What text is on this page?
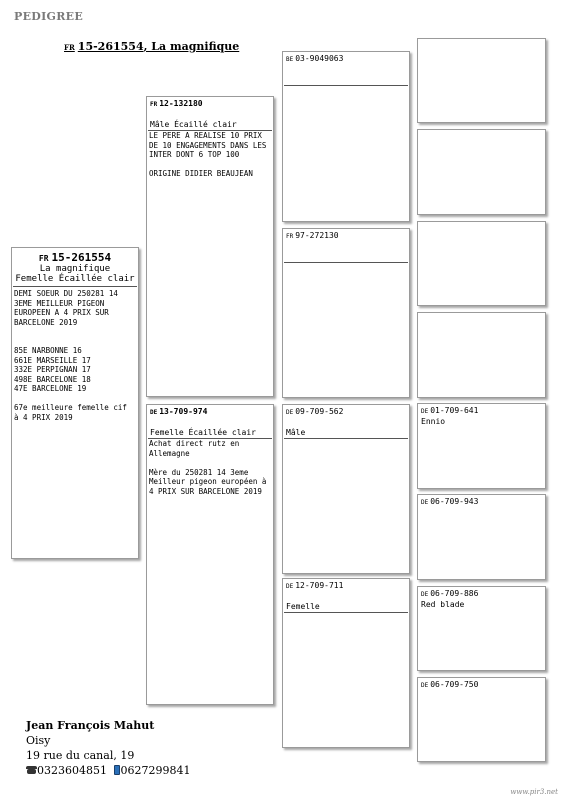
PEDIGREE
FR 15-261554, La magnifique
FR 15-261554
La magnifique
Femelle Écaillée clair
DEMI SOEUR DU 250281 14
3EME MEILLEUR PIGEON
EUROPEEN A 4 PRIX SUR
BARCELONE 2019

85E NARBONNE 16
661E MARSEILLE 17
332E PERPIGNAN 17
498E BARCELONE 18
47E BARCELONE 19

67e meilleure femelle cif
à 4 PRIX 2019
FR 12-132180
Mâle Écaillé clair
LE PERE A REALISE 10 PRIX
DE 10 ENGAGEMENTS DANS LES
INTER DONT 6 TOP 100

ORIGINE DIDIER BEAUJEAN
DE 13-709-974
Femelle Écaillée clair
Achat direct rutz en
Allemagne

Mère du 250281 14 3eme
Meilleur pigeon européen à
4 PRIX SUR BARCELONE 2019
BE 03-9049063
FR 97-272130
DE 09-709-562
Mâle
DE 12-709-711
Femelle
DE 01-709-641
Ennio
DE 06-709-943
DE 06-709-886
Red blade
DE 06-709-750
Jean François Mahut
Oisy
19 rue du canal, 19
0323604851 0627299841
www.pir3.net
